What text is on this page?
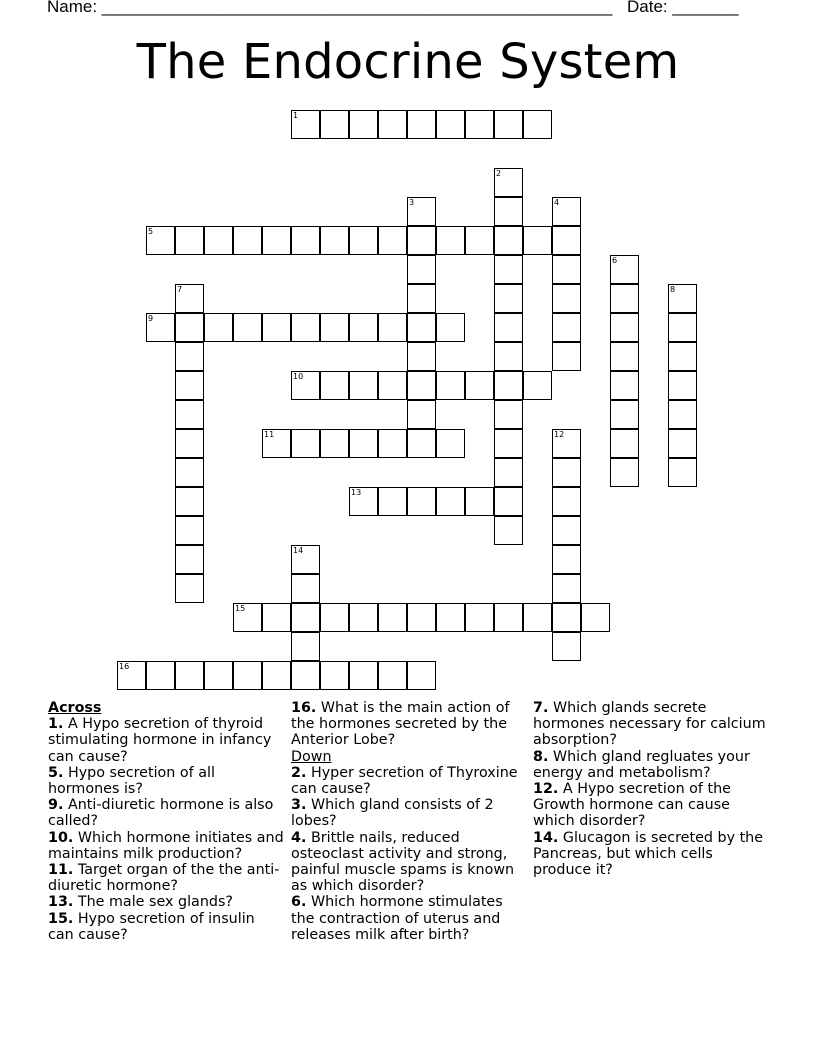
Name: ______________________________________________________ Date: _______
The Endocrine System
1
2
3	4
5
6
7	8
9
10
11	12
13
14
15
16

Across

1. A Hypo secretion of thyroid stimulating hormone in infancy can cause?

5. Hypo secretion of all hormones is?

9. Anti-diuretic hormone is also called?

10. Which hormone initiates and maintains milk production?

11. Target organ of the the anti-diuretic hormone?

13. The male sex glands?

15. Hypo secretion of insulin can cause?

16. What is the main action of the hormones secreted by the Anterior Lobe?

Down

2. Hyper secretion of Thyroxine can cause?

3. Which gland consists of 2 lobes?

4. Brittle nails, reduced osteoclast activity and strong, painful muscle spams is known as which disorder?

6. Which hormone stimulates the contraction of uterus and releases milk after birth?

7. Which glands secrete hormones necessary for calcium absorption?

8. Which gland regluates your energy and metabolism?

12. A Hypo secretion of the Growth hormone can cause which disorder?

14. Glucagon is secreted by the Pancreas, but which cells produce it?
